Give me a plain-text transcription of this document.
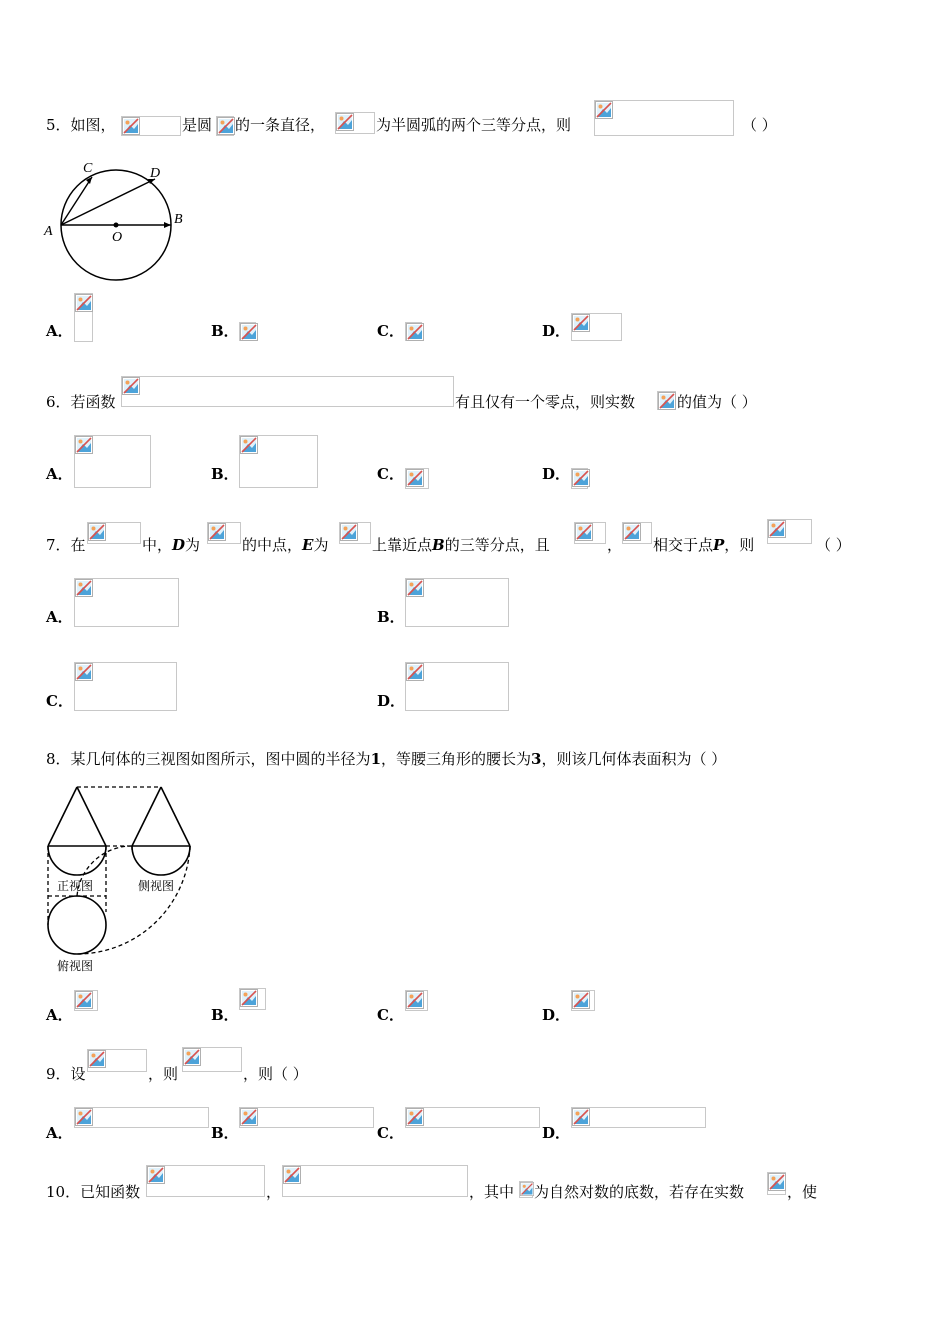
5．如图，	是圆 的一条直径，	为半圆弧的两个三等分点，则	（ ）
A	O
B
C	D
A．	B．	C．	D．
6．若函数	有且仅有一个零点，则实数	的值为（ ）
A．	B．	C．	D．
7．在	中，D为	的中点，E为	上靠近点B的三等分点，且	， 相交于点P，则	（ ）
A．	B．
C．	D．
8．某几何体的三视图如图所示，图中圆的半径为1，等腰三角形的腰长为3，则该几何体表面积为（ ）
正视图	侧视图
俯视图
A．	B．	C．	D．
9．设	，则	，则（ ）
A．	B．	C．	D．
10．已知函数	，	，其中 为自然对数的底数，若存在实数	，使
